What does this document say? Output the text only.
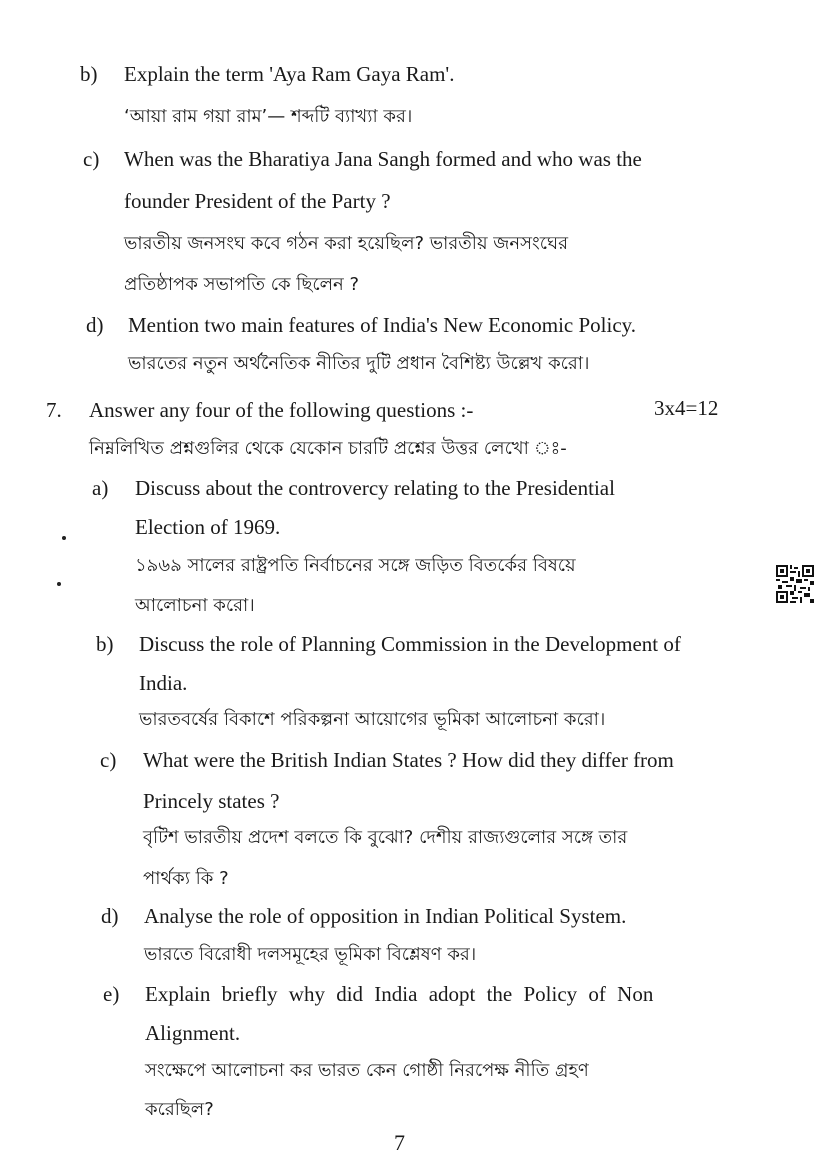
b) Explain the term 'Aya Ram Gaya Ram'.
‘আয়া রাম গয়া রাম’— শব্দটি ব্যাখ্যা কর।
c) When was the Bharatiya Jana Sangh formed and who was the
founder President of the Party ?
ভারতীয় জনসংঘ কবে গঠন করা হয়েছিল? ভারতীয় জনসংঘের
প্রতিষ্ঠাপক সভাপতি কে ছিলেন ?
d) Mention two main features of India's New Economic Policy.
ভারতের নতুন অর্থনৈতিক নীতির দুটি প্রধান বৈশিষ্ট্য উল্লেখ করো।
7. Answer any four of the following questions :-	3x4=12
নিম্নলিখিত প্রশ্নগুলির থেকে যেকোন চারটি প্রশ্নের উত্তর লেখো ঃ-
a) Discuss about the controvercy relating to the Presidential
Election of 1969.
১৯৬৯ সালের রাষ্ট্রপতি নির্বাচনের সঙ্গে জড়িত বিতর্কের বিষয়ে
আলোচনা করো।
b) Discuss the role of Planning Commission in the Development of
India.
ভারতবর্ষের বিকাশে পরিকল্পনা আয়োগের ভূমিকা আলোচনা করো।
c) What were the British Indian States ? How did they differ from
Princely states ?
বৃটিশ ভারতীয় প্রদেশ বলতে কি বুঝো? দেশীয় রাজ্যগুলোর সঙ্গে তার
পার্থক্য কি ?
d) Analyse the role of opposition in Indian Political System.
ভারতে বিরোধী দলসমূহের ভূমিকা বিশ্লেষণ কর।
e) Explain briefly why did India adopt the Policy of Non
Alignment.
সংক্ষেপে আলোচনা কর ভারত কেন গোষ্ঠী নিরপেক্ষ নীতি গ্রহণ
করেছিল?
7
